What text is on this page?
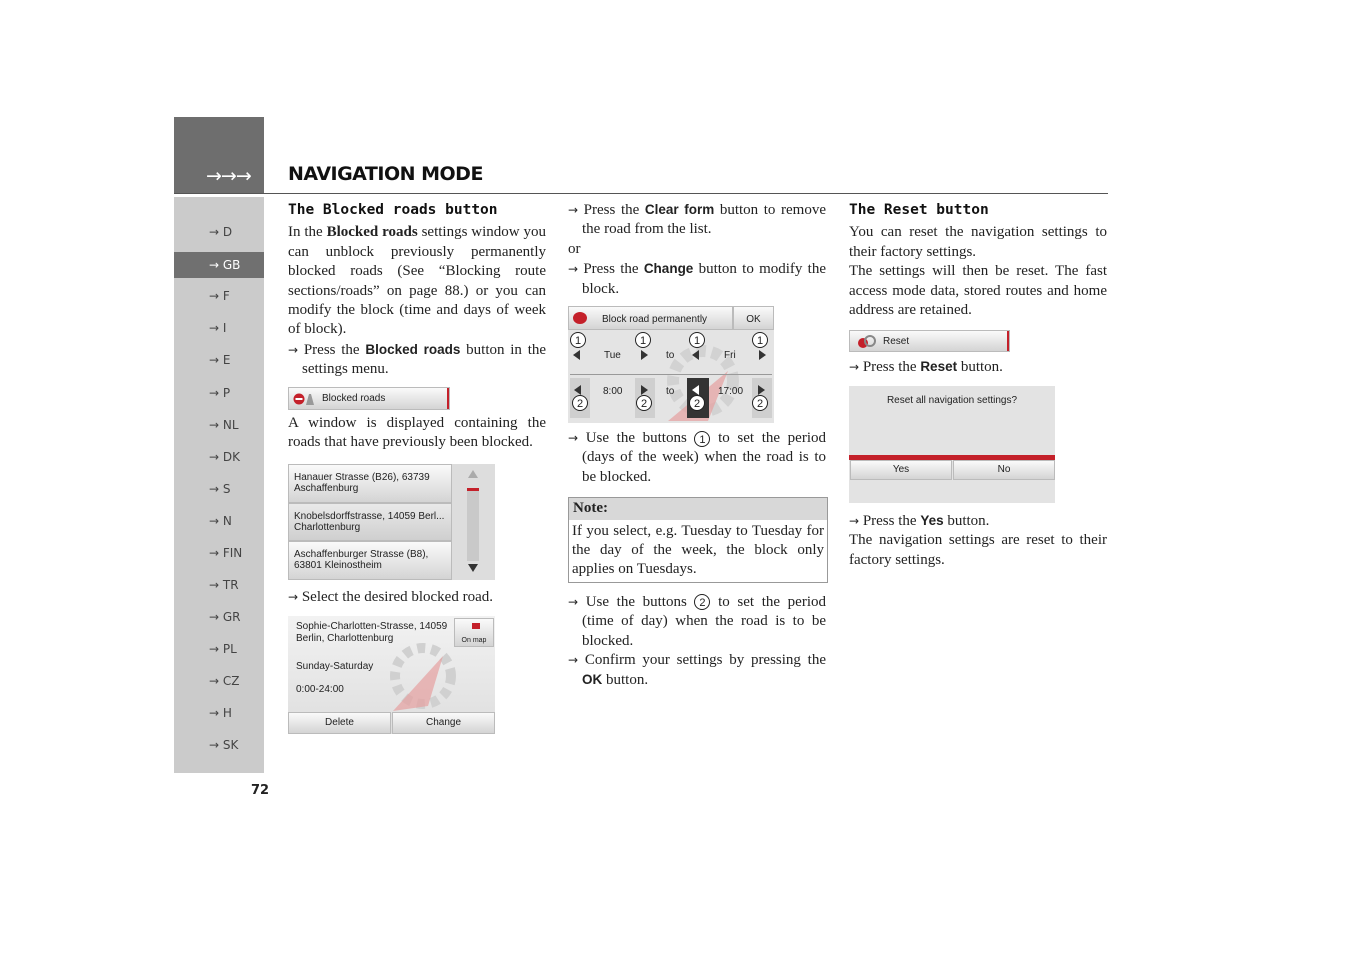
→→→ NAVIGATION MODE
→ D
→ GB
→ F
→ I
→ E
→ P
→ NL
→ DK
→ S
→ N
→ FIN
→ TR
→ GR
→ PL
→ CZ
→ H
→ SK
72
The Blocked roads button

In the Blocked roads settings window you can unblock previously permanently blocked roads (See “Blocking route sections/roads” on page 88.) or you can modify the block (time and days of week of block).

→ Press the Blocked roads button in the settings menu.

Blocked roads

A window is displayed containing the roads that have previously been blocked.

Hanauer Strasse (B26), 63739
Aschaffenburg
Knobelsdorffstrasse, 14059 Berl...
Charlottenburg
Aschaffenburger Strasse (B8),
63801 Kleinostheim

→ Select the desired blocked road.

Sophie-Charlotten-Strasse, 14059
Berlin, Charlottenburg
Sunday-Saturday
0:00-24:00
On map
Delete	Change

→ Press the Clear form button to remove the road from the list.

or

→ Press the Change button to modify the block.

Block road permanently	OK
1
Tue
1
to
1
Fri
1
8:00	to	17:00
2	2	2	2

→ Use the buttons 1 to set the period (days of the week) when the road is to be blocked.

Note:
If you select, e.g. Tuesday to Tuesday for the day of the week, the block only applies on Tuesdays.

→ Use the buttons 2 to set the period (time of day) when the road is to be blocked.

→ Confirm your settings by pressing the OK button.

The Reset button

You can reset the navigation settings to their factory settings.

The settings will then be reset. The fast access mode data, stored routes and home address are retained.

Reset

→ Press the Reset button.

Reset all navigation settings?
Yes	No

→ Press the Yes button.

The navigation settings are reset to their factory settings.
